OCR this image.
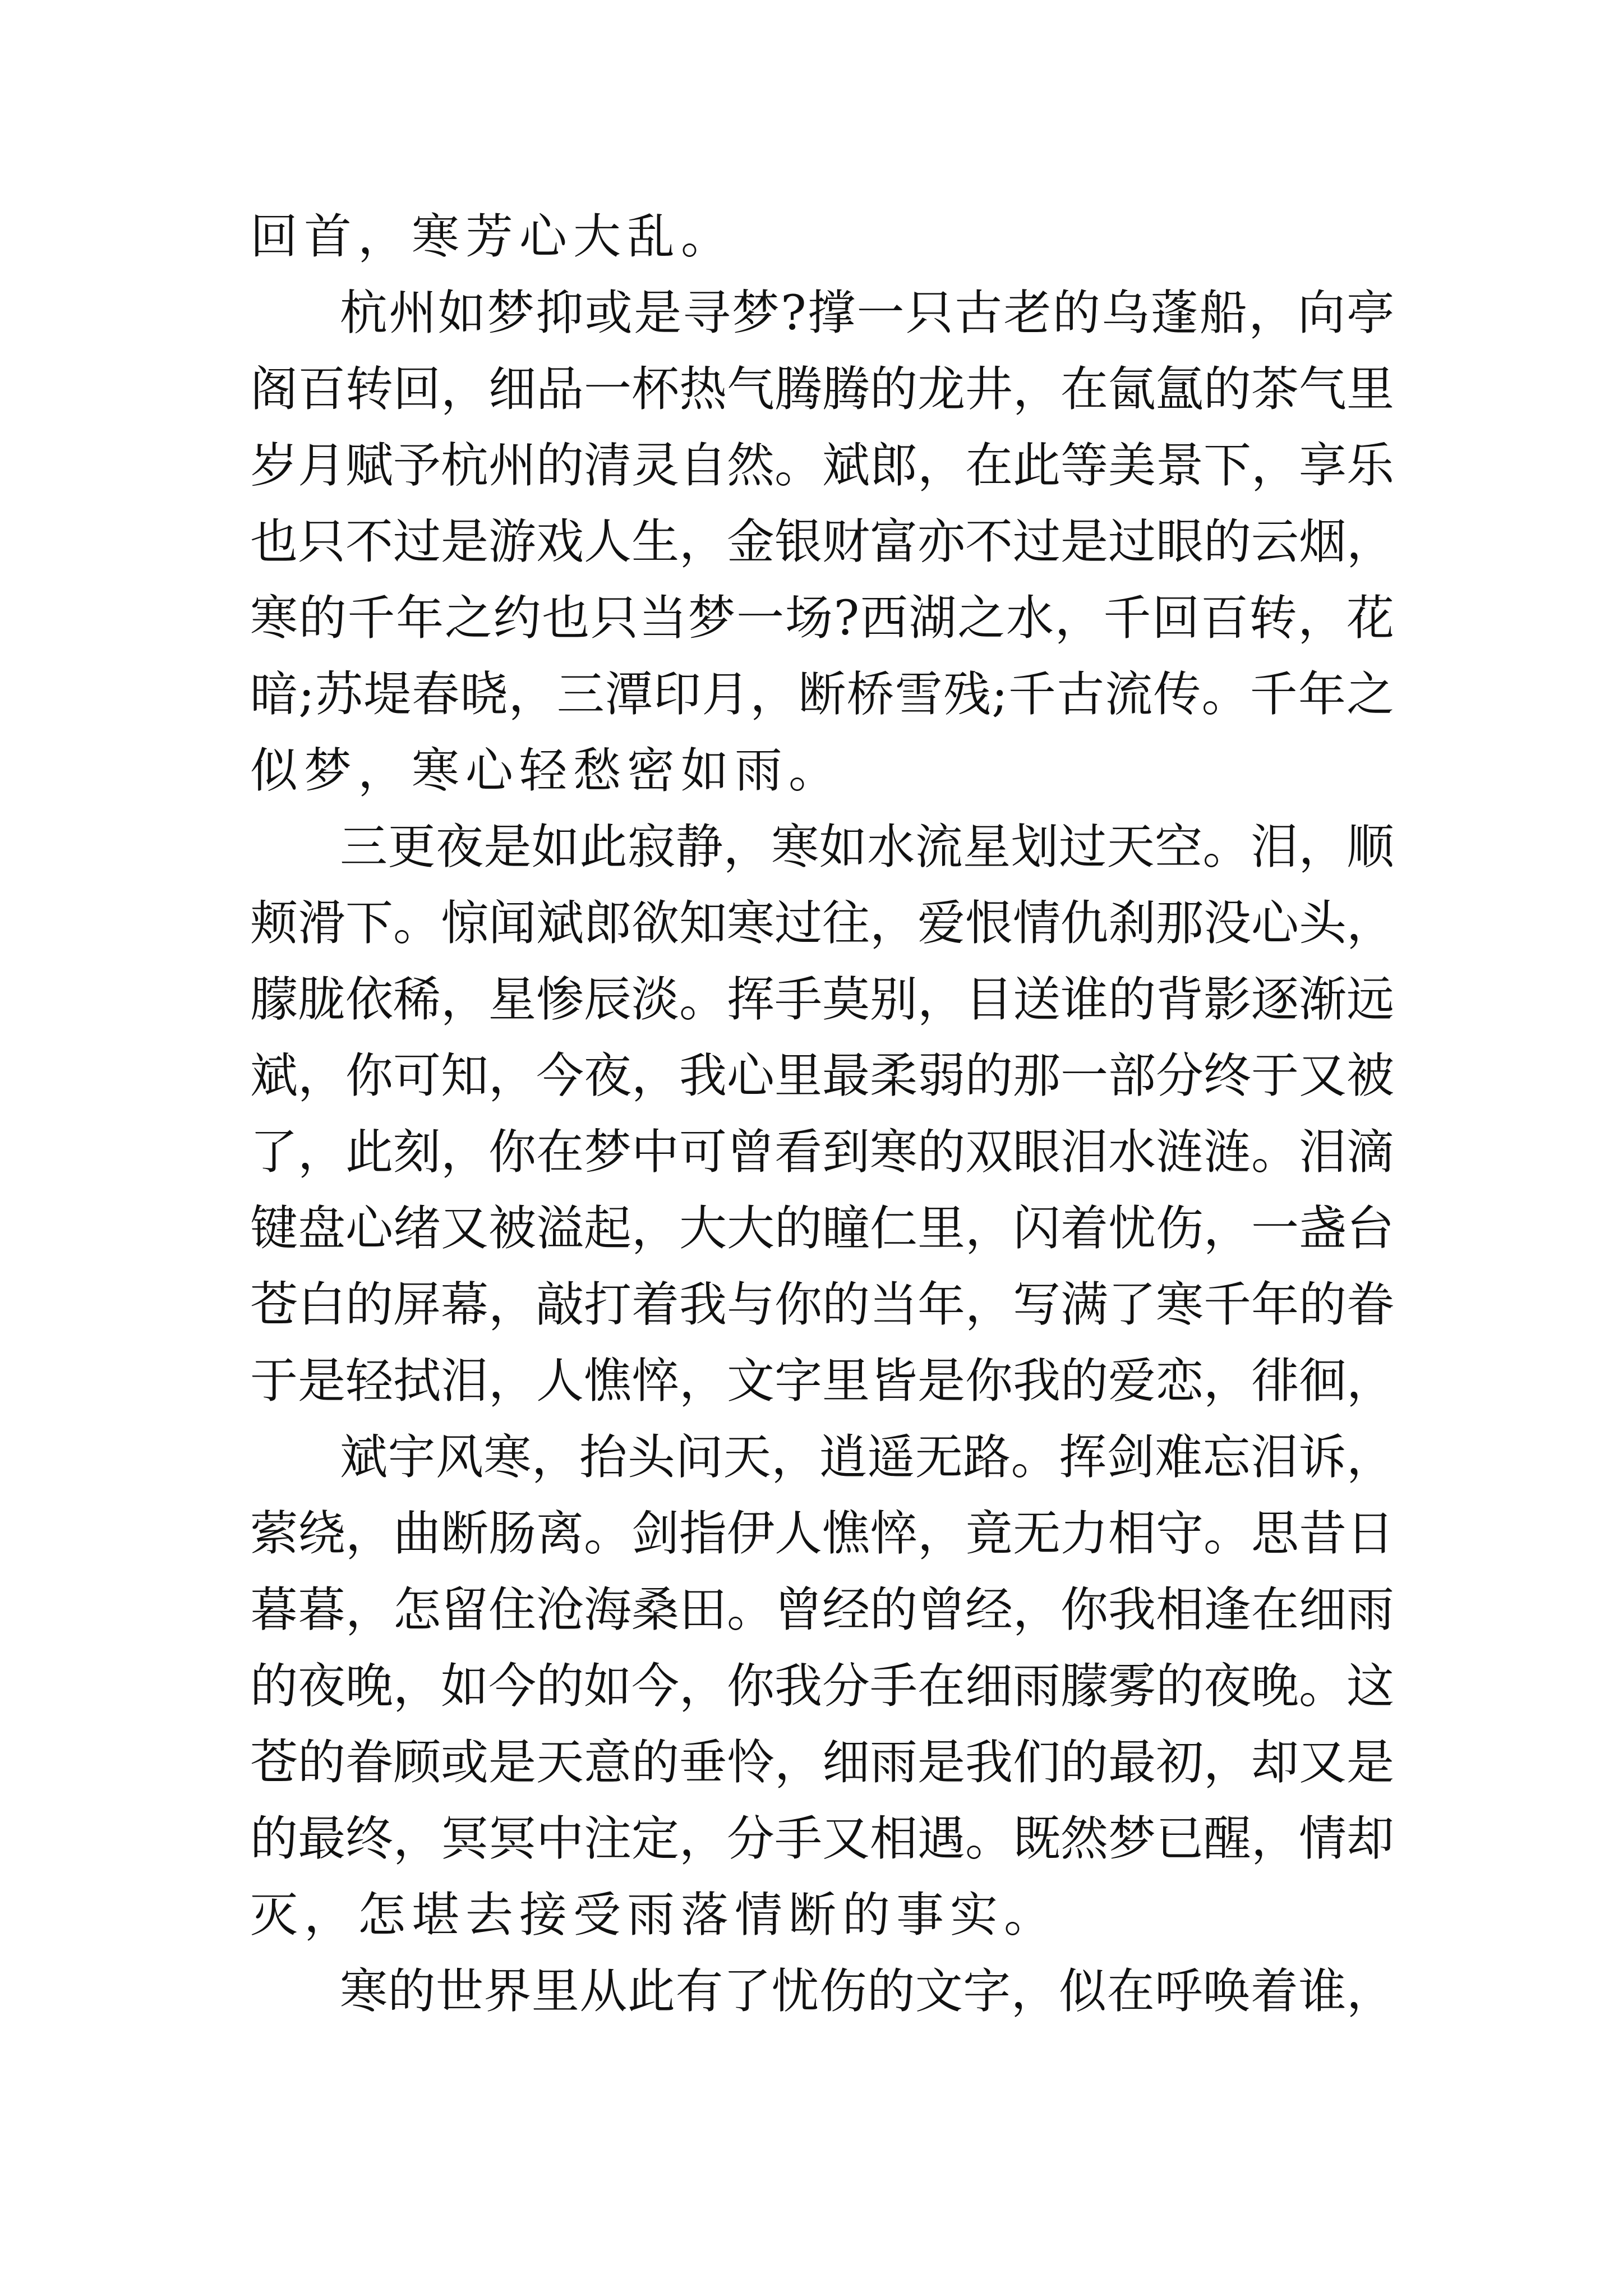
回首，寒芳心大乱。
杭州如梦抑或是寻梦?撑一只古老的乌蓬船，向亭
阁百转回，细品一杯热气腾腾的龙井，在氤氲的茶气里
岁月赋予杭州的清灵自然。斌郎，在此等美景下，享乐
也只不过是游戏人生，金银财富亦不过是过眼的云烟，
寒的千年之约也只当梦一场?西湖之水，千回百转，花
暗;苏堤春晓，三潭印月，断桥雪残;千古流传。千年之
似梦，寒心轻愁密如雨。
三更夜是如此寂静，寒如水流星划过天空。泪，顺
颊滑下。惊闻斌郎欲知寒过往，爱恨情仇刹那没心头，
朦胧依稀，星惨辰淡。挥手莫别，目送谁的背影逐渐远
斌，你可知，今夜，我心里最柔弱的那一部分终于又被
了，此刻，你在梦中可曾看到寒的双眼泪水涟涟。泪滴
键盘心绪又被溢起，大大的瞳仁里，闪着忧伤，一盏台
苍白的屏幕，敲打着我与你的当年，写满了寒千年的眷
于是轻拭泪，人憔悴，文字里皆是你我的爱恋，徘徊，
斌宇风寒，抬头问天，逍遥无路。挥剑难忘泪诉，
萦绕，曲断肠离。剑指伊人憔悴，竟无力相守。思昔日
暮暮，怎留住沧海桑田。曾经的曾经，你我相逢在细雨
的夜晚，如今的如今，你我分手在细雨朦雾的夜晚。这
苍的眷顾或是天意的垂怜，细雨是我们的最初，却又是
的最终，冥冥中注定，分手又相遇。既然梦已醒，情却
灭，怎堪去接受雨落情断的事实。
寒的世界里从此有了忧伤的文字，似在呼唤着谁，
